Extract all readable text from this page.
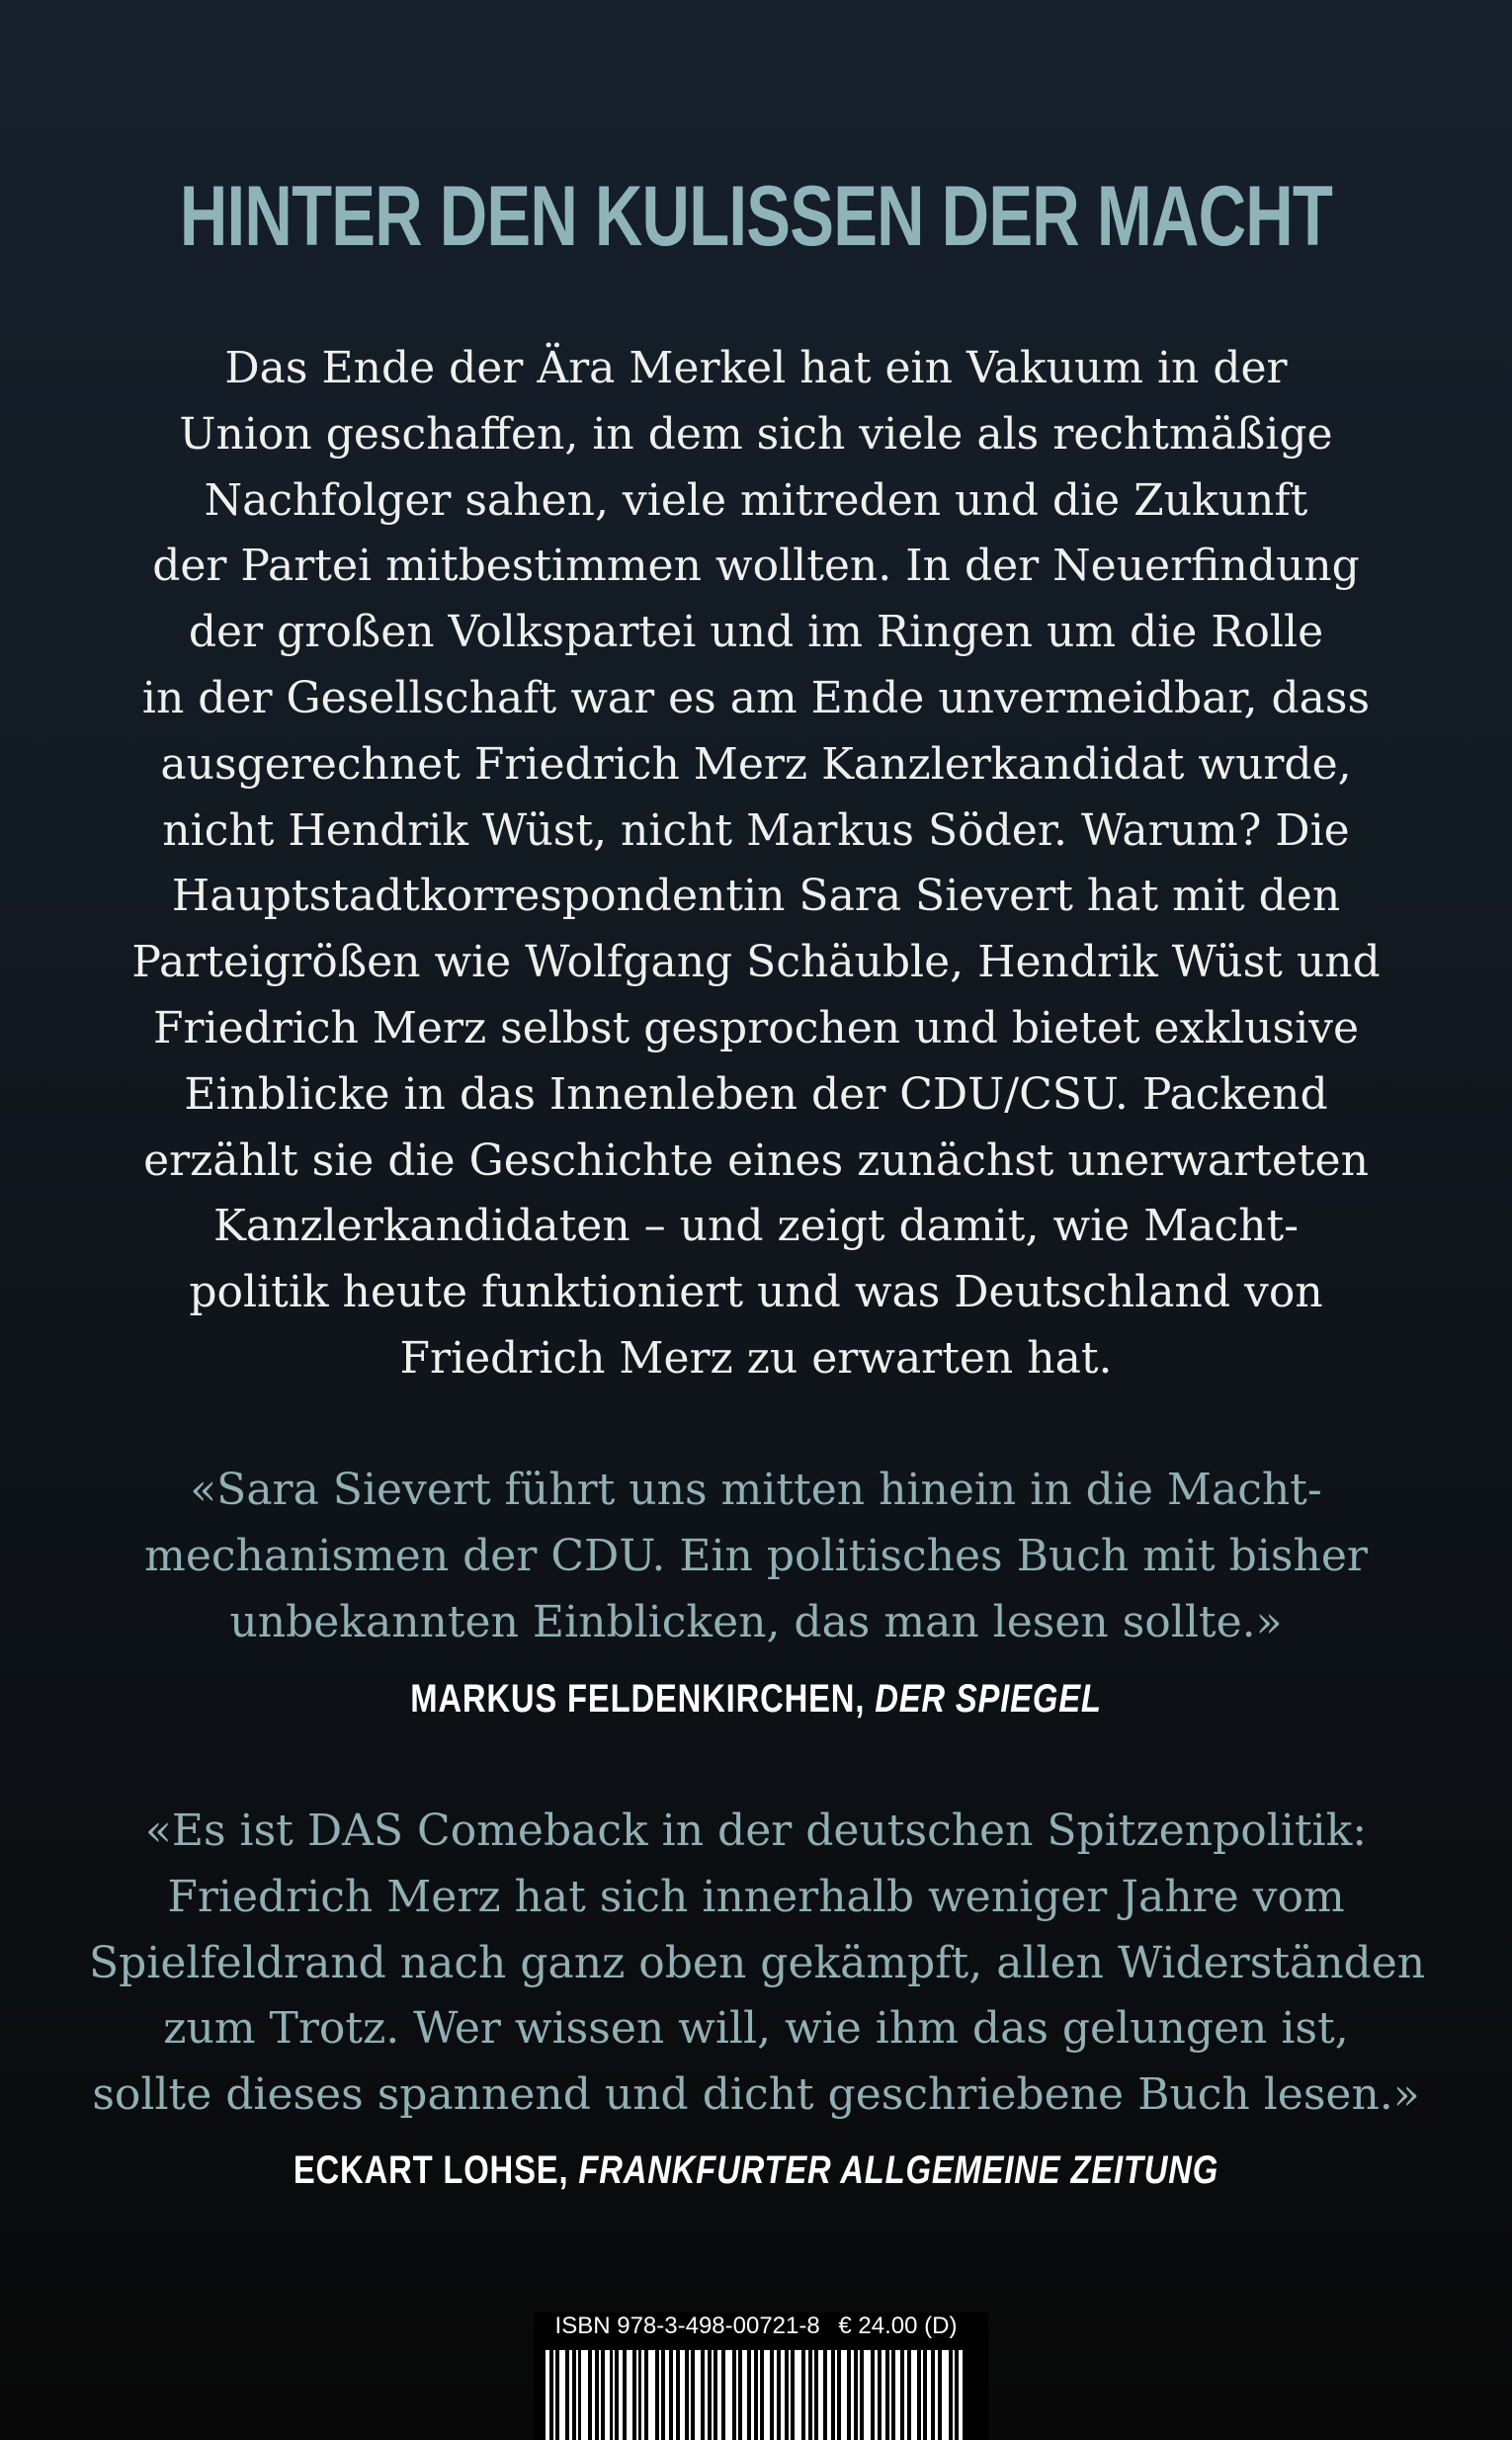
HINTER DEN KULISSEN DER MACHT

Das Ende der Ära Merkel hat ein Vakuum in der
Union geschaffen, in dem sich viele als rechtmäßige
Nachfolger sahen, viele mitreden und die Zukunft
der Partei mitbestimmen wollten. In der Neuerfindung
der großen Volkspartei und im Ringen um die Rolle
in der Gesellschaft war es am Ende unvermeidbar, dass
ausgerechnet Friedrich Merz Kanzlerkandidat wurde,
nicht Hendrik Wüst, nicht Markus Söder. Warum? Die
Hauptstadtkorrespondentin Sara Sievert hat mit den
Parteigrößen wie Wolfgang Schäuble, Hendrik Wüst und
Friedrich Merz selbst gesprochen und bietet exklusive
Einblicke in das Innenleben der CDU/CSU. Packend
erzählt sie die Geschichte eines zunächst unerwarteten
Kanzlerkandidaten – und zeigt damit, wie Macht-
politik heute funktioniert und was Deutschland von
Friedrich Merz zu erwarten hat.

«Sara Sievert führt uns mitten hinein in die Macht-
mechanismen der CDU. Ein politisches Buch mit bisher
unbekannten Einblicken, das man lesen sollte.»

MARKUS FELDENKIRCHEN, DER SPIEGEL

«Es ist DAS Comeback in der deutschen Spitzenpolitik:
Friedrich Merz hat sich innerhalb weniger Jahre vom
Spielfeldrand nach ganz oben gekämpft, allen Widerständen
zum Trotz. Wer wissen will, wie ihm das gelungen ist,
sollte dieses spannend und dicht geschriebene Buch lesen.»

ECKART LOHSE, FRANKFURTER ALLGEMEINE ZEITUNG
ISBN 978-3-498-00721-8 € 24.00 (D)
